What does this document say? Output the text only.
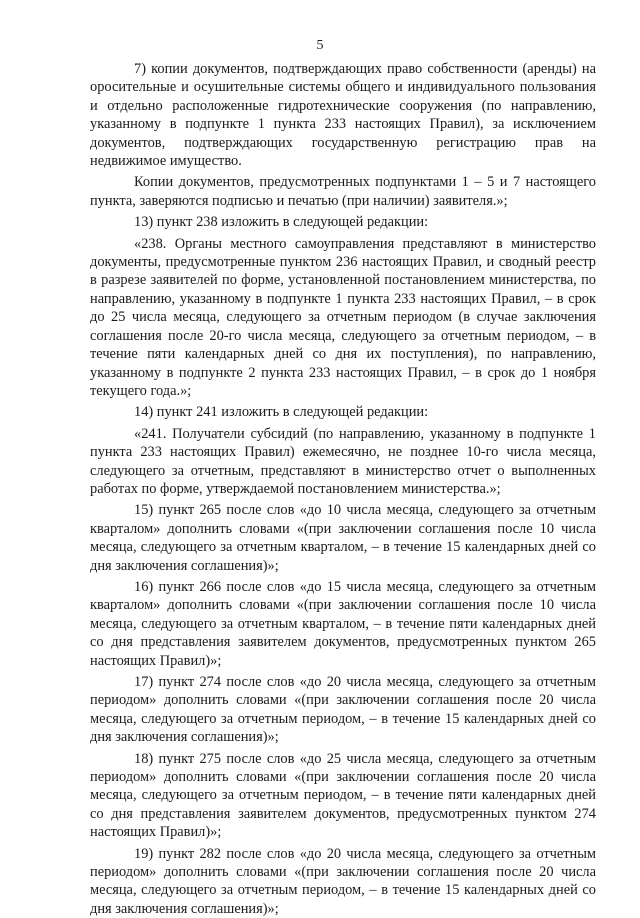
5

7) копии документов, подтверждающих право собственности (аренды) на оросительные и осушительные системы общего и индивидуального пользования и отдельно расположенные гидротехнические сооружения (по направлению, указанному в подпункте 1 пункта 233 настоящих Правил), за исключением документов, подтверждающих государственную регистрацию прав на недвижимое имущество.

Копии документов, предусмотренных подпунктами 1 – 5 и 7 настоящего пункта, заверяются подписью и печатью (при наличии) заявителя.»;

13) пункт 238 изложить в следующей редакции:

«238. Органы местного самоуправления представляют в министерство документы, предусмотренные пунктом 236 настоящих Правил, и сводный реестр в разрезе заявителей по форме, установленной постановлением министерства, по направлению, указанному в подпункте 1 пункта 233 настоящих Правил, – в срок до 25 числа месяца, следующего за отчетным периодом (в случае заключения соглашения после 20-го числа месяца, следующего за отчетным периодом, – в течение пяти календарных дней со дня их поступления), по направлению, указанному в подпункте 2 пункта 233 настоящих Правил, – в срок до 1 ноября текущего года.»;

14) пункт 241 изложить в следующей редакции:

«241. Получатели субсидий (по направлению, указанному в подпункте 1 пункта 233 настоящих Правил) ежемесячно, не позднее 10-го числа месяца, следующего за отчетным, представляют в министерство отчет о выполненных работах по форме, утверждаемой постановлением министерства.»;

15) пункт 265 после слов «до 10 числа месяца, следующего за отчетным кварталом» дополнить словами «(при заключении соглашения после 10 числа месяца, следующего за отчетным кварталом, – в течение 15 календарных дней со дня заключения соглашения)»;

16) пункт 266 после слов «до 15 числа месяца, следующего за отчетным кварталом» дополнить словами «(при заключении соглашения после 10 числа месяца, следующего за отчетным кварталом, – в течение пяти календарных дней со дня представления заявителем документов, предусмотренных пунктом 265 настоящих Правил)»;

17) пункт 274 после слов «до 20 числа месяца, следующего за отчетным периодом» дополнить словами «(при заключении соглашения после 20 числа месяца, следующего за отчетным периодом, – в течение 15 календарных дней со дня заключения соглашения)»;

18) пункт 275 после слов «до 25 числа месяца, следующего за отчетным периодом» дополнить словами «(при заключении соглашения после 20 числа месяца, следующего за отчетным периодом, – в течение пяти календарных дней со дня представления заявителем документов, предусмотренных пунктом 274 настоящих Правил)»;

19) пункт 282 после слов «до 20 числа месяца, следующего за отчетным периодом» дополнить словами «(при заключении соглашения после 20 числа месяца, следующего за отчетным периодом, – в течение 15 календарных дней со дня заключения соглашения)»;
